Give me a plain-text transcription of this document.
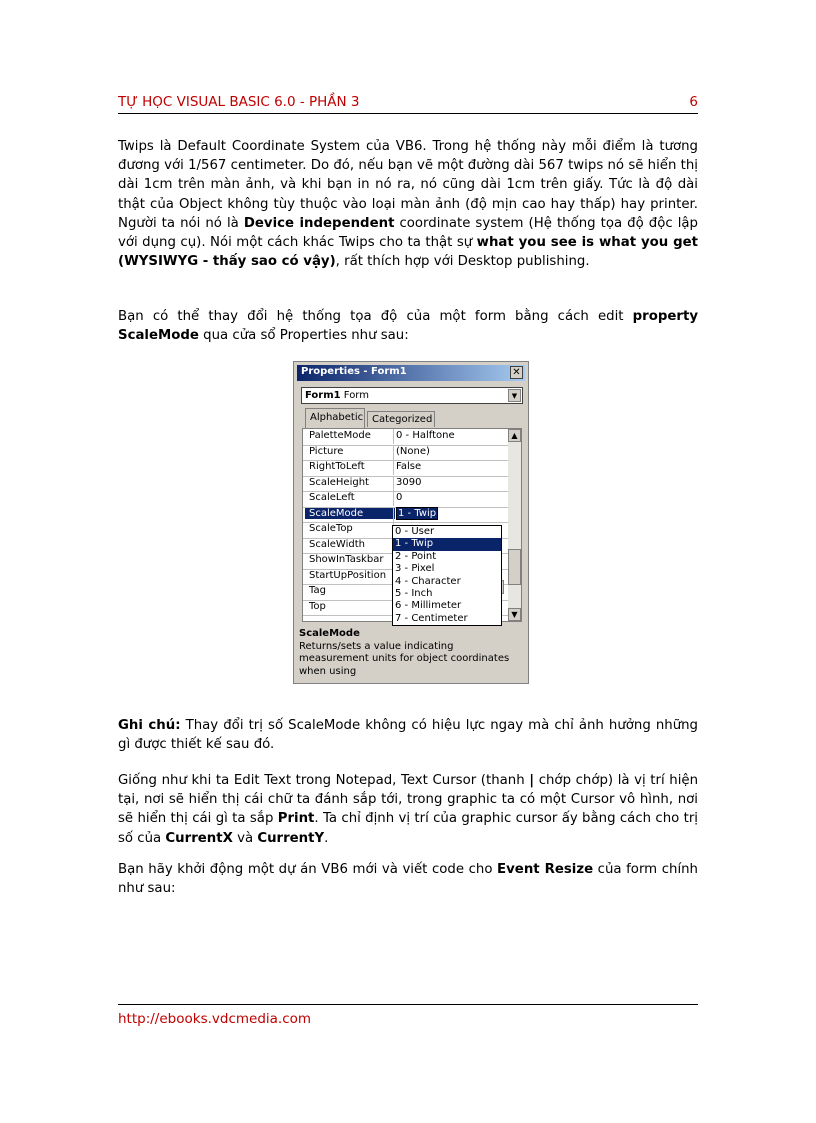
TỰ HỌC VISUAL BASIC 6.0 - PHẦN 3	6

Twips là Default Coordinate System của VB6. Trong hệ thống này mỗi điểm là tương đương với 1/567 centimeter. Do đó, nếu bạn vẽ một đường dài 567 twips nó sẽ hiển thị dài 1cm trên màn ảnh, và khi bạn in nó ra, nó cũng dài 1cm trên giấy. Tức là độ dài thật của Object không tùy thuộc vào loại màn ảnh (độ mịn cao hay thấp) hay printer. Người ta nói nó là Device independent coordinate system (Hệ thống tọa độ độc lập với dụng cụ). Nói một cách khác Twips cho ta thật sự what you see is what you get (WYSIWYG - thấy sao có vậy), rất thích hợp với Desktop publishing.

Bạn có thể thay đổi hệ thống tọa độ của một form bằng cách edit property ScaleMode qua cửa sổ Properties như sau:

Properties - Form1	✕
Form1 Form	▼
Alphabetic Categorized
PaletteMode	0 - Halftone
Picture	(None)
RightToLeft	False
ScaleHeight	3090
ScaleLeft	0
ScaleMode	1 - Twip
ScaleTop
ScaleWidth
ShowInTaskbar
StartUpPosition
Tag
Top
▲
▼
ScaleMode
Returns/sets a value indicating measurement units for object coordinates when using
0 - User
1 - Twip
2 - Point
3 - Pixel
4 - Character
5 - Inch
6 - Millimeter
7 - Centimeter

Ghi chú: Thay đổi trị số ScaleMode không có hiệu lực ngay mà chỉ ảnh hưởng những gì được thiết kế sau đó.

Giống như khi ta Edit Text trong Notepad, Text Cursor (thanh | chớp chớp) là vị trí hiện tại, nơi sẽ hiển thị cái chữ ta đánh sắp tới, trong graphic ta có một Cursor vô hình, nơi sẽ hiển thị cái gì ta sắp Print. Ta chỉ định vị trí của graphic cursor ấy bằng cách cho trị số của CurrentX và CurrentY.

Bạn hãy khởi động một dự án VB6 mới và viết code cho Event Resize của form chính như sau:

http://ebooks.vdcmedia.com
